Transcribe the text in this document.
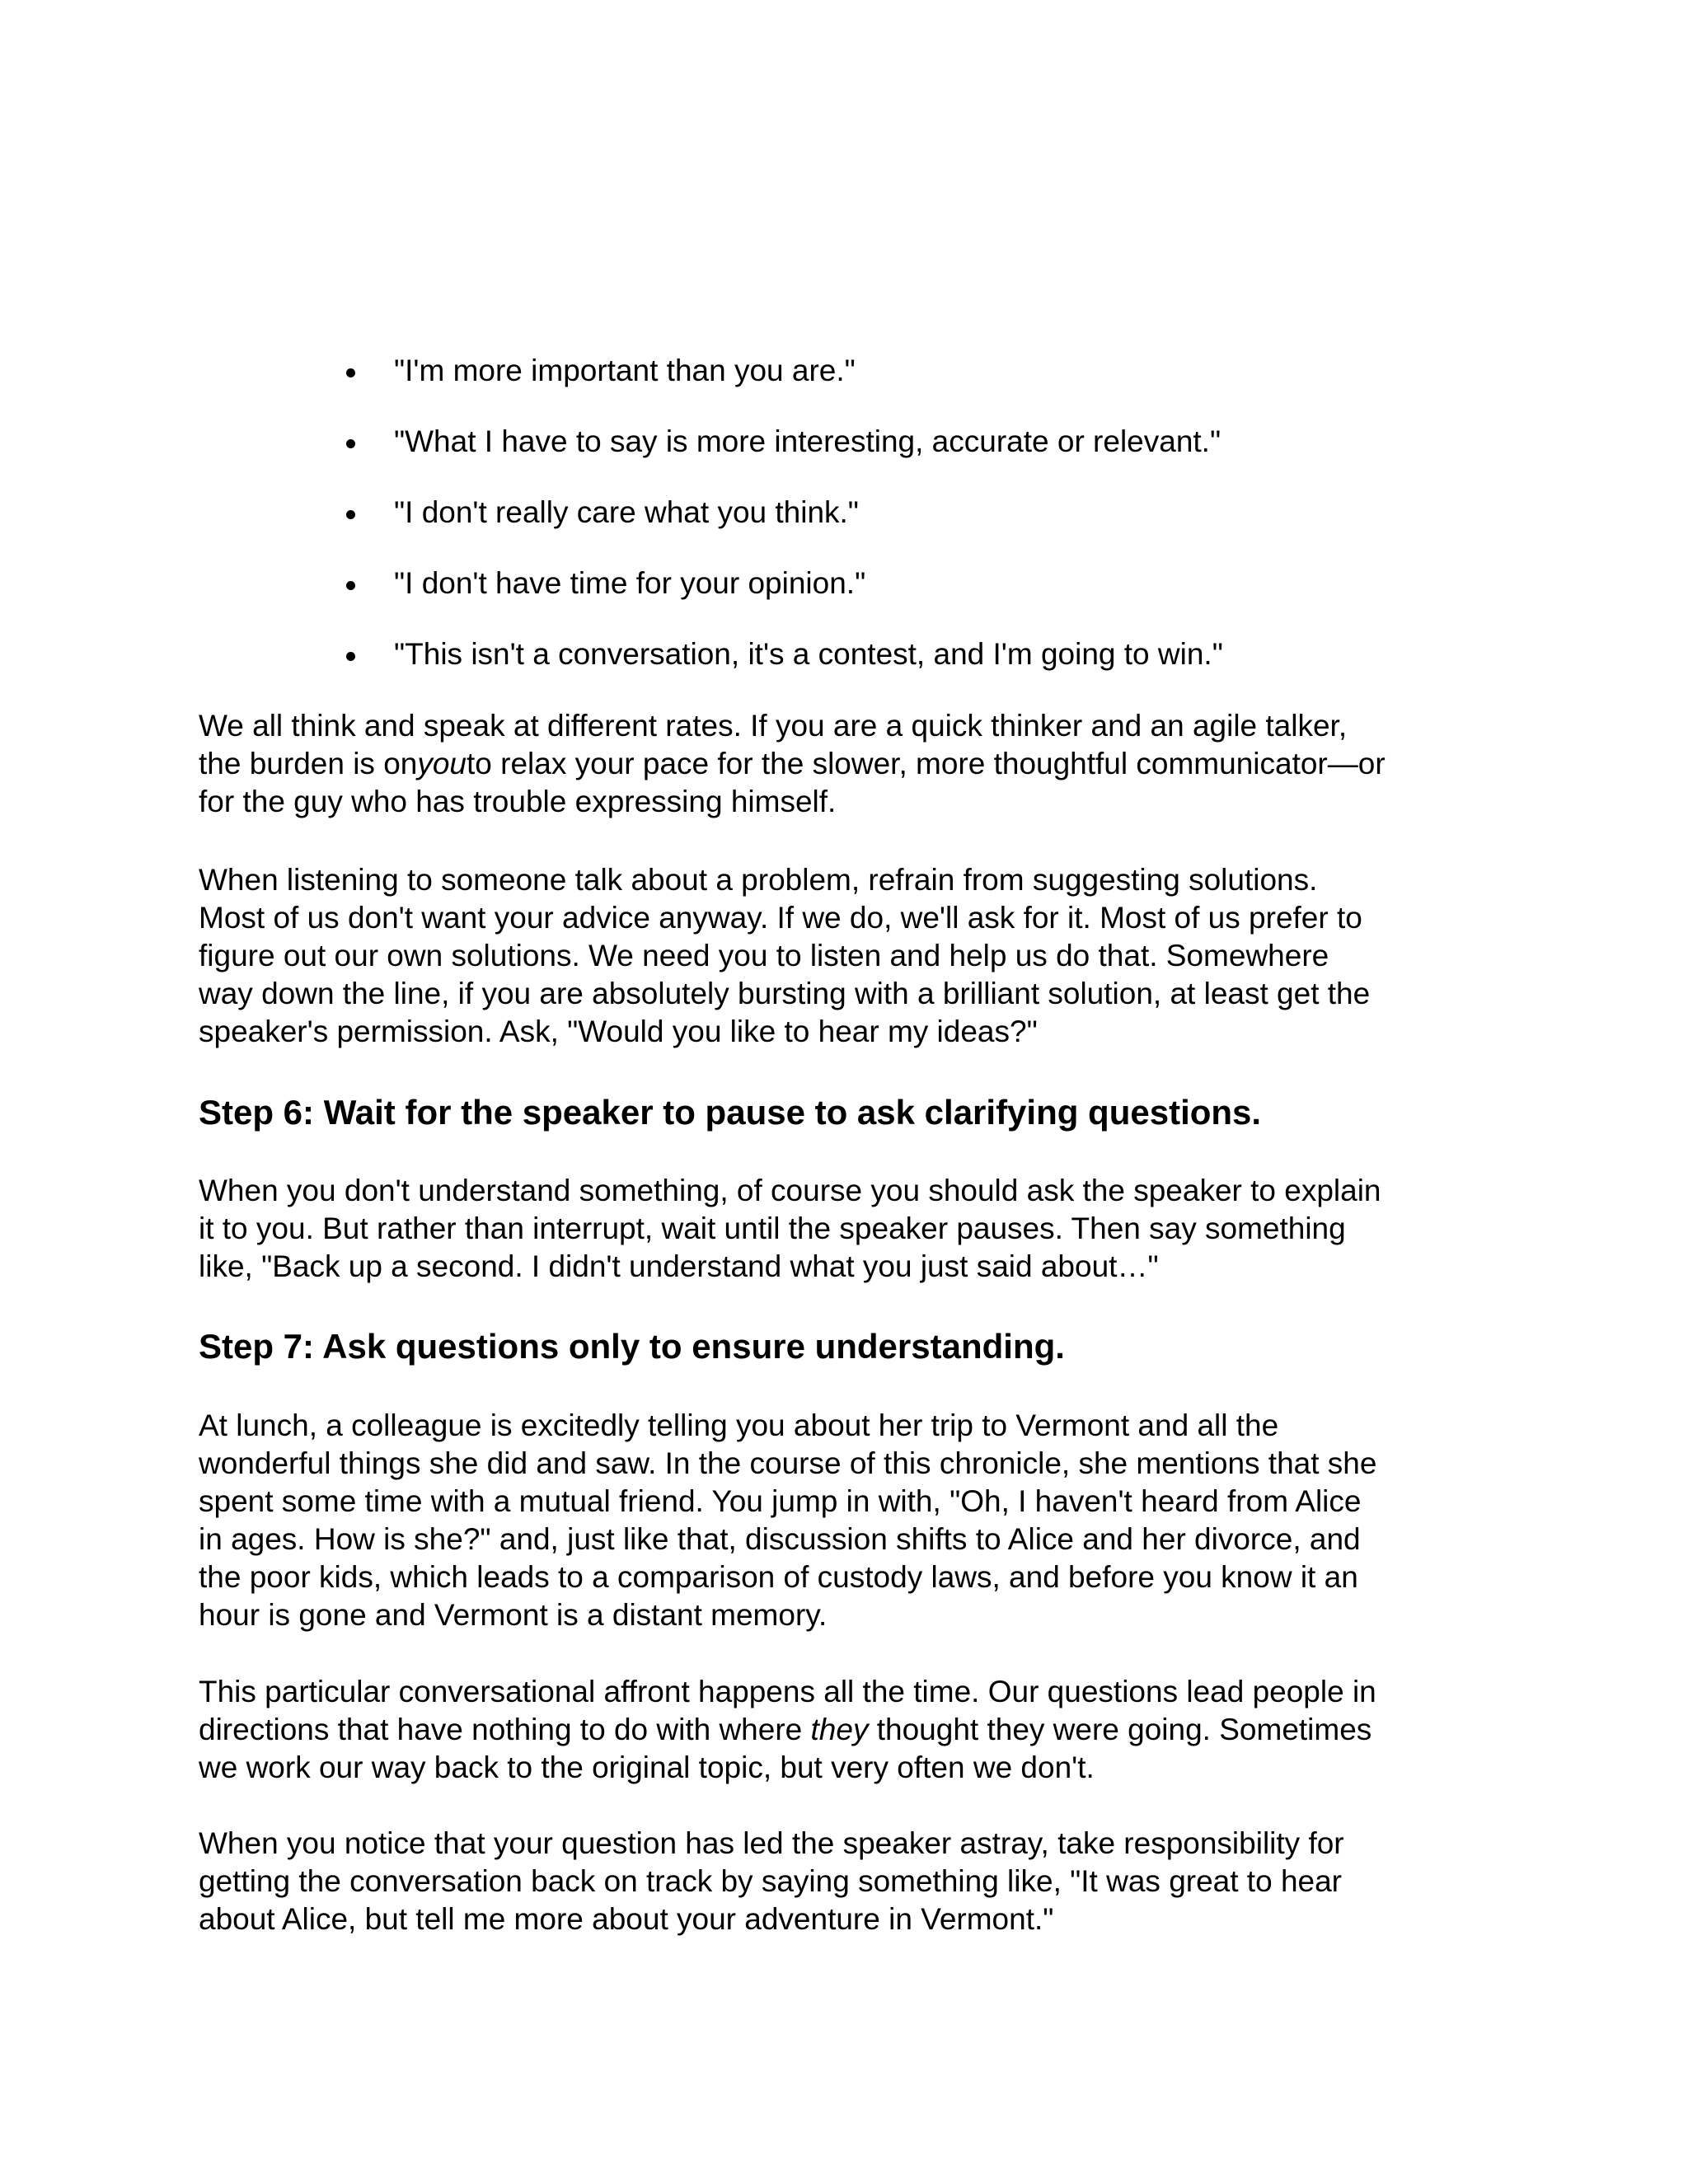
"I'm more important than you are."
"What I have to say is more interesting, accurate or relevant."
"I don't really care what you think."
"I don't have time for your opinion."
"This isn't a conversation, it's a contest, and I'm going to win."

We all think and speak at different rates. If you are a quick thinker and an agile talker,
the burden is onyouto relax your pace for the slower, more thoughtful communicator—or
for the guy who has trouble expressing himself.

When listening to someone talk about a problem, refrain from suggesting solutions.
Most of us don't want your advice anyway. If we do, we'll ask for it. Most of us prefer to
figure out our own solutions. We need you to listen and help us do that. Somewhere
way down the line, if you are absolutely bursting with a brilliant solution, at least get the
speaker's permission. Ask, "Would you like to hear my ideas?"

Step 6: Wait for the speaker to pause to ask clarifying questions.

When you don't understand something, of course you should ask the speaker to explain
it to you. But rather than interrupt, wait until the speaker pauses. Then say something
like, "Back up a second. I didn't understand what you just said about…"

Step 7: Ask questions only to ensure understanding.

At lunch, a colleague is excitedly telling you about her trip to Vermont and all the
wonderful things she did and saw. In the course of this chronicle, she mentions that she
spent some time with a mutual friend. You jump in with, "Oh, I haven't heard from Alice
in ages. How is she?" and, just like that, discussion shifts to Alice and her divorce, and
the poor kids, which leads to a comparison of custody laws, and before you know it an
hour is gone and Vermont is a distant memory.

This particular conversational affront happens all the time. Our questions lead people in
directions that have nothing to do with where they thought they were going. Sometimes
we work our way back to the original topic, but very often we don't.

When you notice that your question has led the speaker astray, take responsibility for
getting the conversation back on track by saying something like, "It was great to hear
about Alice, but tell me more about your adventure in Vermont."
